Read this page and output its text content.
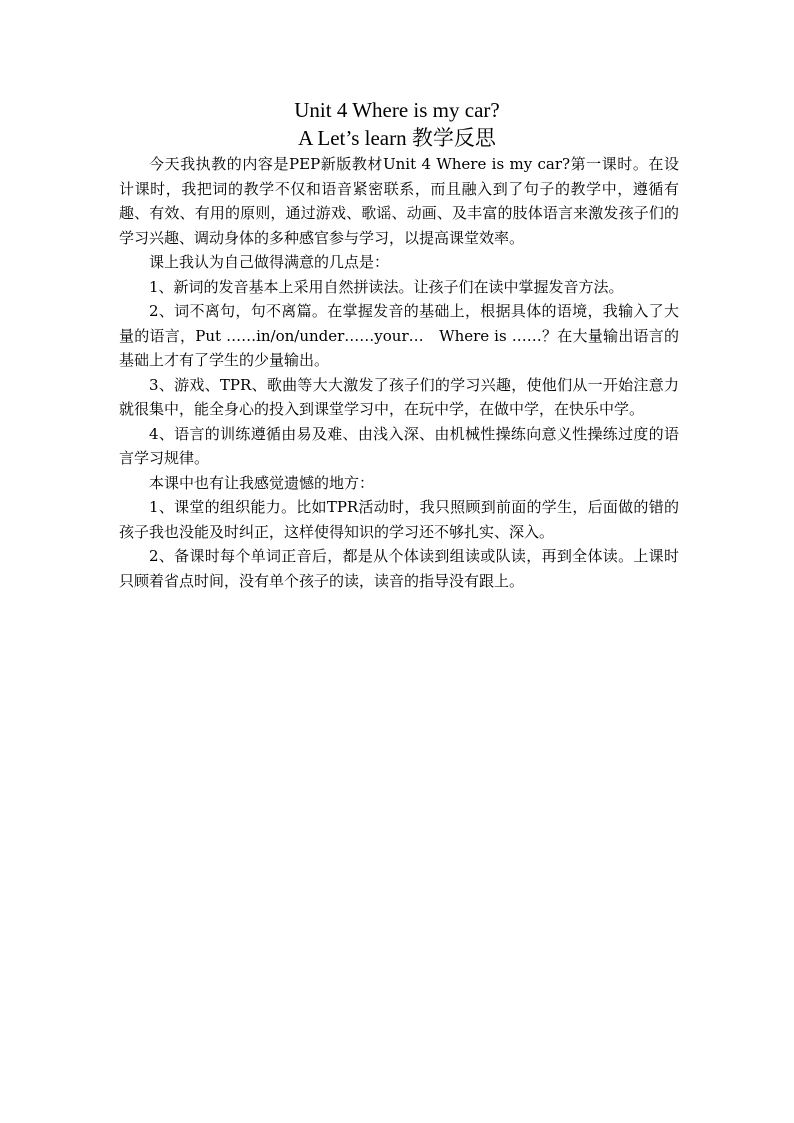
Unit 4 Where is my car?
A Let’s learn 教学反思

今天我执教的内容是PEP新版教材Unit 4 Where is my car?第一课时。在设计课时，我把词的教学不仅和语音紧密联系，而且融入到了句子的教学中，遵循有趣、有效、有用的原则，通过游戏、歌谣、动画、及丰富的肢体语言来激发孩子们的学习兴趣、调动身体的多种感官参与学习，以提高课堂效率。

课上我认为自己做得满意的几点是：

1、新词的发音基本上采用自然拼读法。让孩子们在读中掌握发音方法。

2、词不离句，句不离篇。在掌握发音的基础上，根据具体的语境，我输入了大量的语言，Put ……in/on/under……your…　Where is ……？在大量输出语言的基础上才有了学生的少量输出。

3、游戏、TPR、歌曲等大大激发了孩子们的学习兴趣，使他们从一开始注意力就很集中，能全身心的投入到课堂学习中，在玩中学，在做中学，在快乐中学。

4、语言的训练遵循由易及难、由浅入深、由机械性操练向意义性操练过度的语言学习规律。

本课中也有让我感觉遗憾的地方：

1、课堂的组织能力。比如TPR活动时，我只照顾到前面的学生，后面做的错的孩子我也没能及时纠正，这样使得知识的学习还不够扎实、深入。

2、备课时每个单词正音后，都是从个体读到组读或队读，再到全体读。上课时只顾着省点时间，没有单个孩子的读，读音的指导没有跟上。
